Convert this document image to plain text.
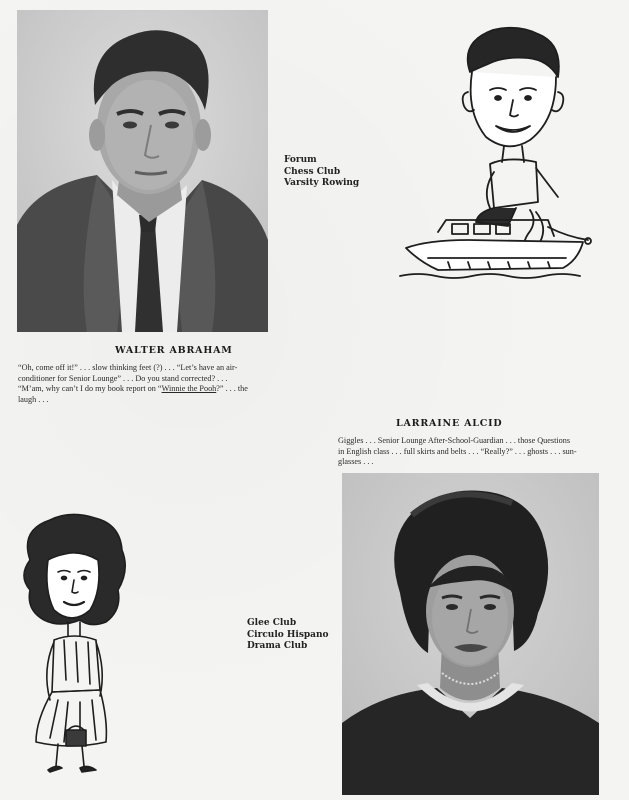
Forum
Chess Club
Varsity Rowing
WALTER ABRAHAM
“Oh, come off it!” . . . slow thinking feet (?) . . . “Let’s have an air-
conditioner for Senior Lounge” . . . Do you stand corrected? . . .
“M’am, why can’t I do my book report on “Winnie the Pooh?” . . . the
laugh . . .
LARRAINE ALCID
Giggles . . . Senior Lounge After-School-Guardian . . . those Questions
in English class . . . full skirts and belts . . . “Really?” . . . ghosts . . . sun-
glasses . . .
Glee Club
Circulo Hispano
Drama Club
